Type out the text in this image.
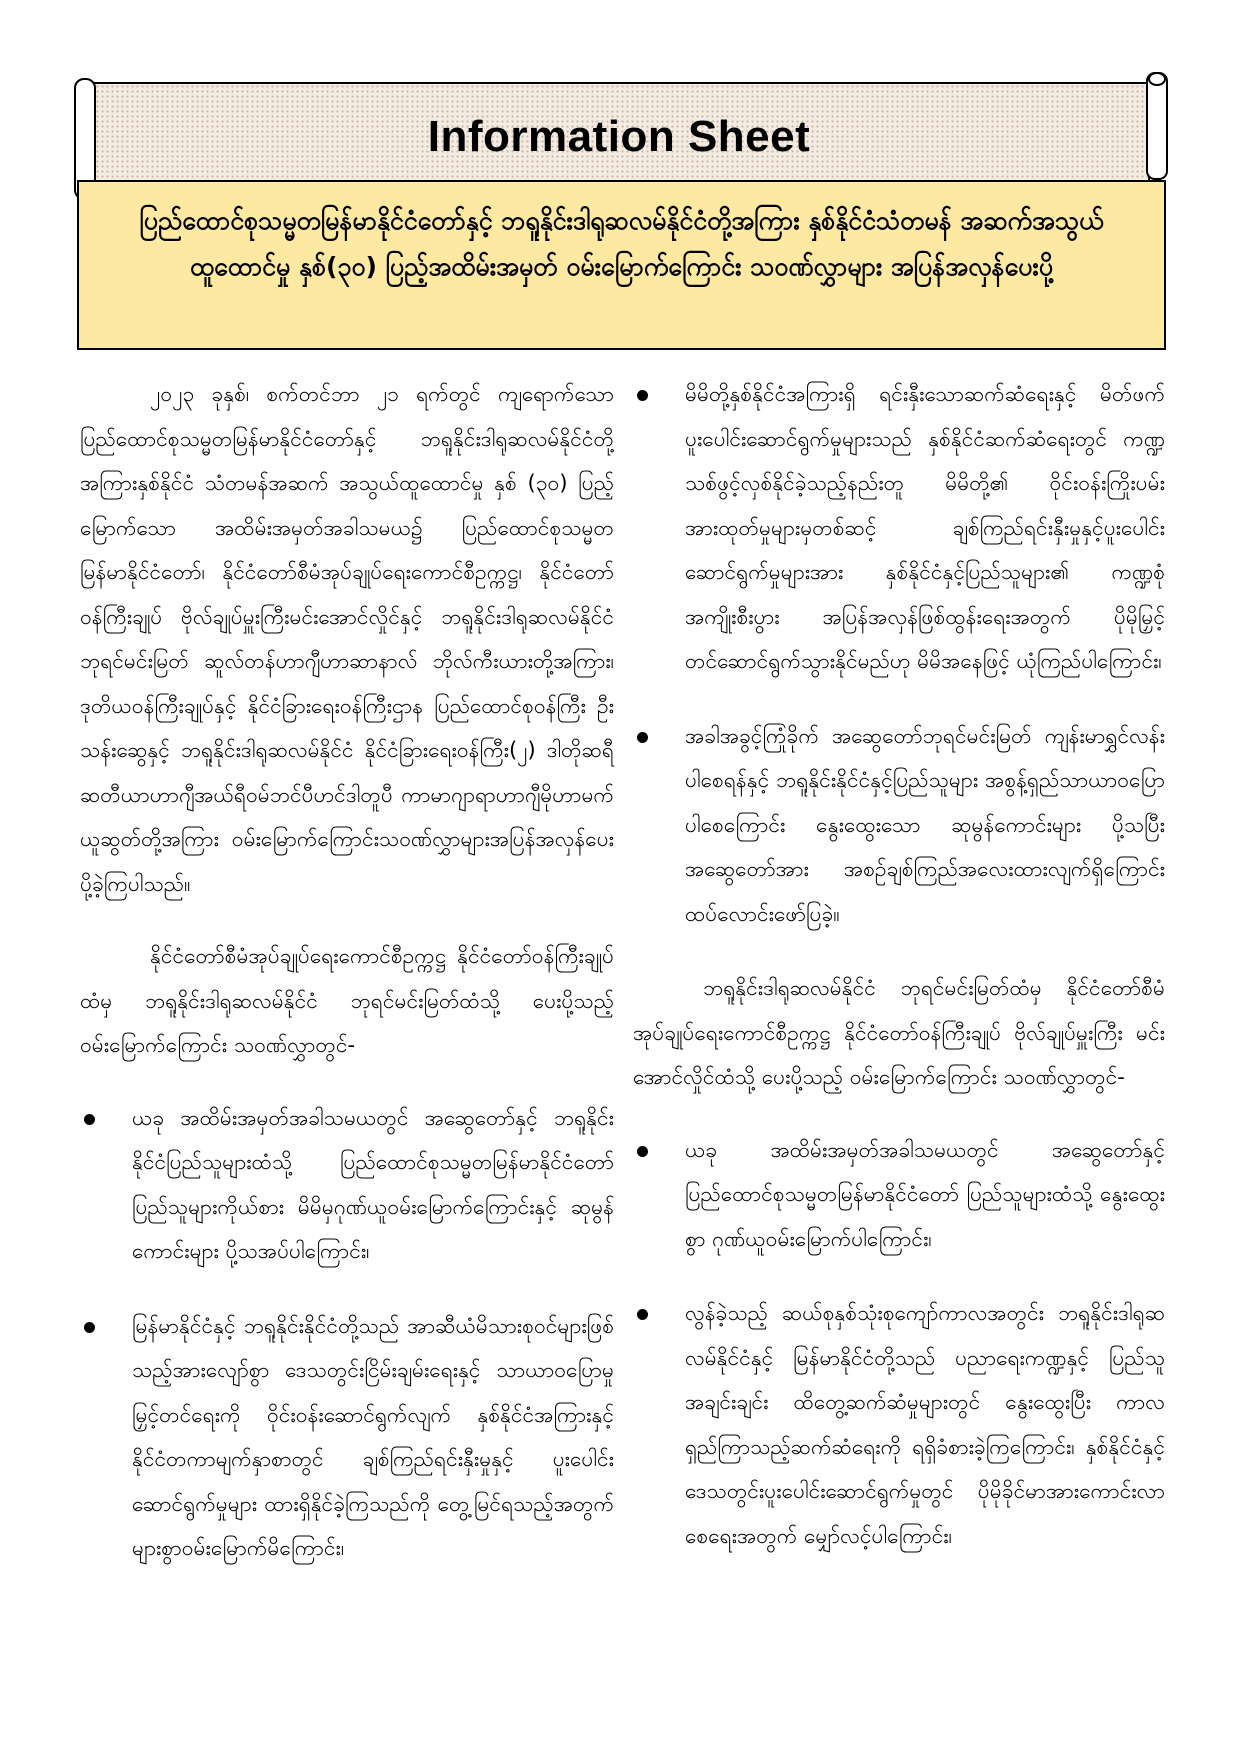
Information Sheet

ပြည်ထောင်စုသမ္မတမြန်မာနိုင်ငံတော်နှင့် ဘရူနိုင်းဒါရုဆလမ်နိုင်ငံတို့အကြား နှစ်နိုင်ငံသံတမန် အဆက်အသွယ်ထူထောင်မှု နှစ်(၃၀) ပြည့်အထိမ်းအမှတ် ဝမ်းမြောက်ကြောင်း သဝဏ်လွှာများ အပြန်အလှန်ပေးပို့

၂၀၂၃ ခုနှစ်၊ စက်တင်ဘာ ၂၁ ရက်တွင် ကျရောက်သော ပြည်ထောင်စုသမ္မတမြန်မာနိုင်ငံတော်နှင့် ဘရူနိုင်းဒါရုဆလမ်နိုင်ငံတို့အကြားနှစ်နိုင်ငံ သံတမန်အဆက် အသွယ်ထူထောင်မှု နှစ် (၃၀) ပြည့်မြောက်သော အထိမ်းအမှတ်အခါသမယ၌ ပြည်ထောင်စုသမ္မတမြန်မာနိုင်ငံတော်၊ နိုင်ငံတော်စီမံအုပ်ချုပ်ရေးကောင်စီဥက္ကဋ္ဌ၊ နိုင်ငံတော်ဝန်ကြီးချုပ် ဗိုလ်ချုပ်မှူးကြီးမင်းအောင်လှိုင်နှင့် ဘရူနိုင်းဒါရုဆလမ်နိုင်ငံ ဘုရင်မင်းမြတ် ဆူလ်တန်ဟာဂျီဟာဆာနာလ် ဘိုလ်ကီးယားတို့အကြား၊ ဒုတိယဝန်ကြီးချုပ်နှင့် နိုင်ငံခြားရေးဝန်ကြီးဌာန ပြည်ထောင်စုဝန်ကြီး ဦးသန်းဆွေနှင့် ဘရူနိုင်းဒါရုဆလမ်နိုင်ငံ နိုင်ငံခြားရေးဝန်ကြီး(၂) ဒါတိုဆရီဆတီယာဟာဂျီအယ်ရီဝမ်ဘင်ပီဟင်ဒါတူပီ ကာမာဂျာရာဟာဂျီမိုဟာမက်ယူဆွတ်တို့အကြား ဝမ်းမြောက်ကြောင်းသဝဏ်လွှာများအပြန်အလှန်ပေးပို့ခဲ့ကြပါသည်။

နိုင်ငံတော်စီမံအုပ်ချုပ်ရေးကောင်စီဥက္ကဋ္ဌ နိုင်ငံတော်ဝန်ကြီးချုပ်ထံမှ ဘရူနိုင်းဒါရုဆလမ်နိုင်ငံ ဘုရင်မင်းမြတ်ထံသို့ ပေးပို့သည့် ဝမ်းမြောက်ကြောင်း သဝဏ်လွှာတွင်-

ယခု အထိမ်းအမှတ်အခါသမယတွင် အဆွေတော်နှင့် ဘရူနိုင်းနိုင်ငံပြည်သူများထံသို့ ပြည်ထောင်စုသမ္မတမြန်မာနိုင်ငံတော် ပြည်သူများကိုယ်စား မိမိမှဂုဏ်ယူဝမ်းမြောက်ကြောင်းနှင့် ဆုမွန်ကောင်းများ ပို့သအပ်ပါကြောင်း၊
မြန်မာနိုင်ငံနှင့် ဘရူနိုင်းနိုင်ငံတို့သည် အာဆီယံမိသားစုဝင်များဖြစ်သည့်အားလျော်စွာ ဒေသတွင်းငြိမ်းချမ်းရေးနှင့် သာယာဝပြောမှုမြှင့်တင်ရေးကို ဝိုင်းဝန်းဆောင်ရွက်လျက် နှစ်နိုင်ငံအကြားနှင့် နိုင်ငံတကာမျက်နှာစာတွင် ချစ်ကြည်ရင်းနှီးမှုနှင့် ပူးပေါင်းဆောင်ရွက်မှုများ ထားရှိနိုင်ခဲ့ကြသည်ကို တွေ့မြင်ရသည့်အတွက် များစွာဝမ်းမြောက်မိကြောင်း၊
မိမိတို့နှစ်နိုင်ငံအကြားရှိ ရင်းနှီးသောဆက်ဆံရေးနှင့် မိတ်ဖက်ပူးပေါင်းဆောင်ရွက်မှုများသည် နှစ်နိုင်ငံဆက်ဆံရေးတွင် ကဏ္ဍသစ်ဖွင့်လှစ်နိုင်ခဲ့သည့်နည်းတူ မိမိတို့၏ ဝိုင်းဝန်းကြိုးပမ်းအားထုတ်မှုများမှတစ်ဆင့် ချစ်ကြည်ရင်းနှီးမှုနှင့်ပူးပေါင်းဆောင်ရွက်မှုများအား နှစ်နိုင်ငံနှင့်ပြည်သူများ၏ ကဏ္ဍစုံအကျိုးစီးပွား အပြန်အလှန်ဖြစ်ထွန်းရေးအတွက် ပိုမိုမြှင့်တင်ဆောင်ရွက်သွားနိုင်မည်ဟု မိမိအနေဖြင့် ယုံကြည်ပါကြောင်း၊
အခါအခွင့်ကြုံခိုက် အဆွေတော်ဘုရင်မင်းမြတ် ကျန်းမာရွှင်လန်းပါစေရန်နှင့် ဘရူနိုင်းနိုင်ငံနှင့်ပြည်သူများ အစွန့်ရှည်သာယာဝပြောပါစေကြောင်း နွေးထွေးသော ဆုမွန်ကောင်းများ ပို့သပြီး အဆွေတော်အား အစဉ်ချစ်ကြည်အလေးထားလျက်ရှိကြောင်း ထပ်လောင်းဖော်ပြခဲ့။

ဘရူနိုင်းဒါရုဆလမ်နိုင်ငံ ဘုရင်မင်းမြတ်ထံမှ နိုင်ငံတော်စီမံအုပ်ချုပ်ရေးကောင်စီဥက္ကဋ္ဌ နိုင်ငံတော်ဝန်ကြီးချုပ် ဗိုလ်ချုပ်မှူးကြီး မင်းအောင်လှိုင်ထံသို့ ပေးပို့သည့် ဝမ်းမြောက်ကြောင်း သဝဏ်လွှာတွင်-

ယခု အထိမ်းအမှတ်အခါသမယတွင် အဆွေတော်နှင့် ပြည်ထောင်စုသမ္မတမြန်မာနိုင်ငံတော် ပြည်သူများထံသို့ နွေးထွေးစွာ ဂုဏ်ယူဝမ်းမြောက်ပါကြောင်း၊
လွန်ခဲ့သည့် ဆယ်စုနှစ်သုံးစုကျော်ကာလအတွင်း ဘရူနိုင်းဒါရုဆလမ်နိုင်ငံနှင့် မြန်မာနိုင်ငံတို့သည် ပညာရေးကဏ္ဍနှင့် ပြည်သူအချင်းချင်း ထိတွေ့ဆက်ဆံမှုများတွင် နွေးထွေးပြီး ကာလရှည်ကြာသည့်ဆက်ဆံရေးကို ရရှိခံစားခဲ့ကြကြောင်း၊ နှစ်နိုင်ငံနှင့် ဒေသတွင်းပူးပေါင်းဆောင်ရွက်မှုတွင် ပိုမိုခိုင်မာအားကောင်းလာစေရေးအတွက် မျှော်လင့်ပါကြောင်း၊
